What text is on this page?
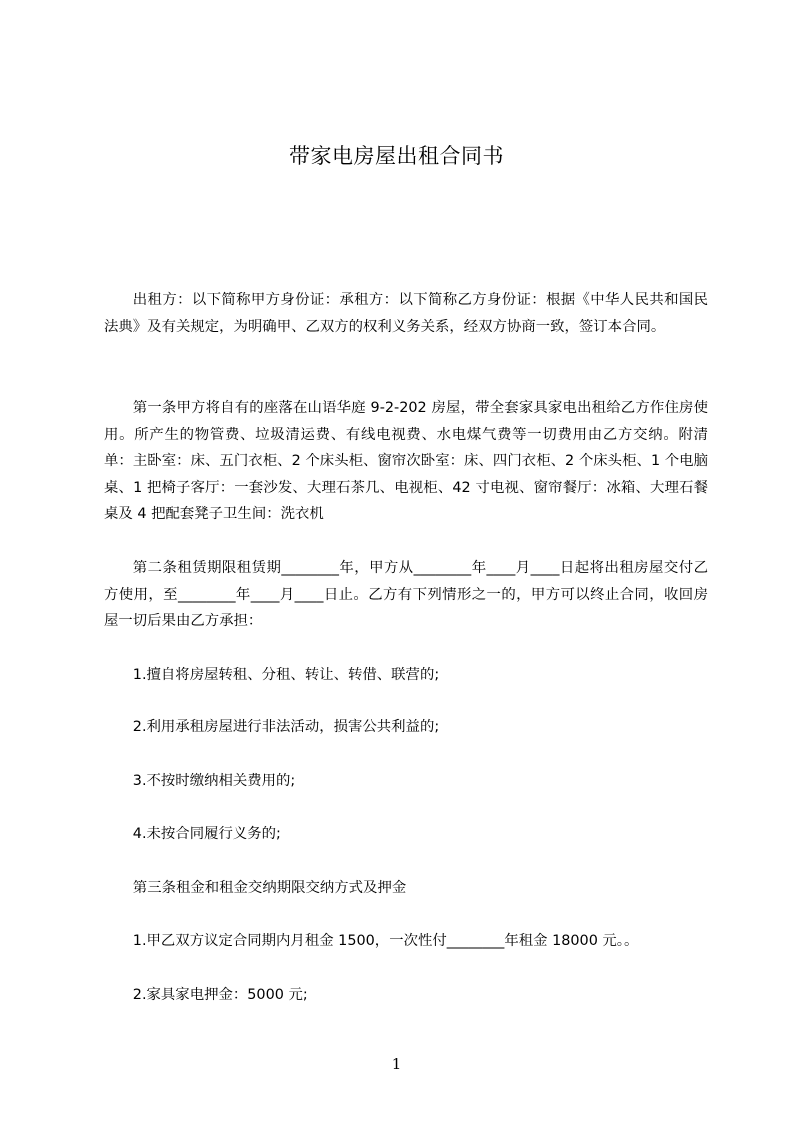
带家电房屋出租合同书

出租方：以下简称甲方身份证：承租方：以下简称乙方身份证：根据《中华人民共和国民法典》及有关规定，为明确甲、乙双方的权利义务关系，经双方协商一致，签订本合同。

第一条甲方将自有的座落在山语华庭 9-2-202 房屋，带全套家具家电出租给乙方作住房使用。所产生的物管费、垃圾清运费、有线电视费、水电煤气费等一切费用由乙方交纳。附清单：主卧室：床、五门衣柜、2 个床头柜、窗帘次卧室：床、四门衣柜、2 个床头柜、1 个电脑桌、1 把椅子客厅：一套沙发、大理石茶几、电视柜、42 寸电视、窗帘餐厅：冰箱、大理石餐桌及 4 把配套凳子卫生间：洗衣机

第二条租赁期限租赁期________年，甲方从________年____月____日起将出租房屋交付乙方使用，至________年____月____日止。乙方有下列情形之一的，甲方可以终止合同，收回房屋一切后果由乙方承担：

1.擅自将房屋转租、分租、转让、转借、联营的;

2.利用承租房屋进行非法活动，损害公共利益的;

3.不按时缴纳相关费用的;

4.未按合同履行义务的;

第三条租金和租金交纳期限交纳方式及押金

1.甲乙双方议定合同期内月租金 1500，一次性付________年租金 18000 元。。

2.家具家电押金：5000 元;

1
